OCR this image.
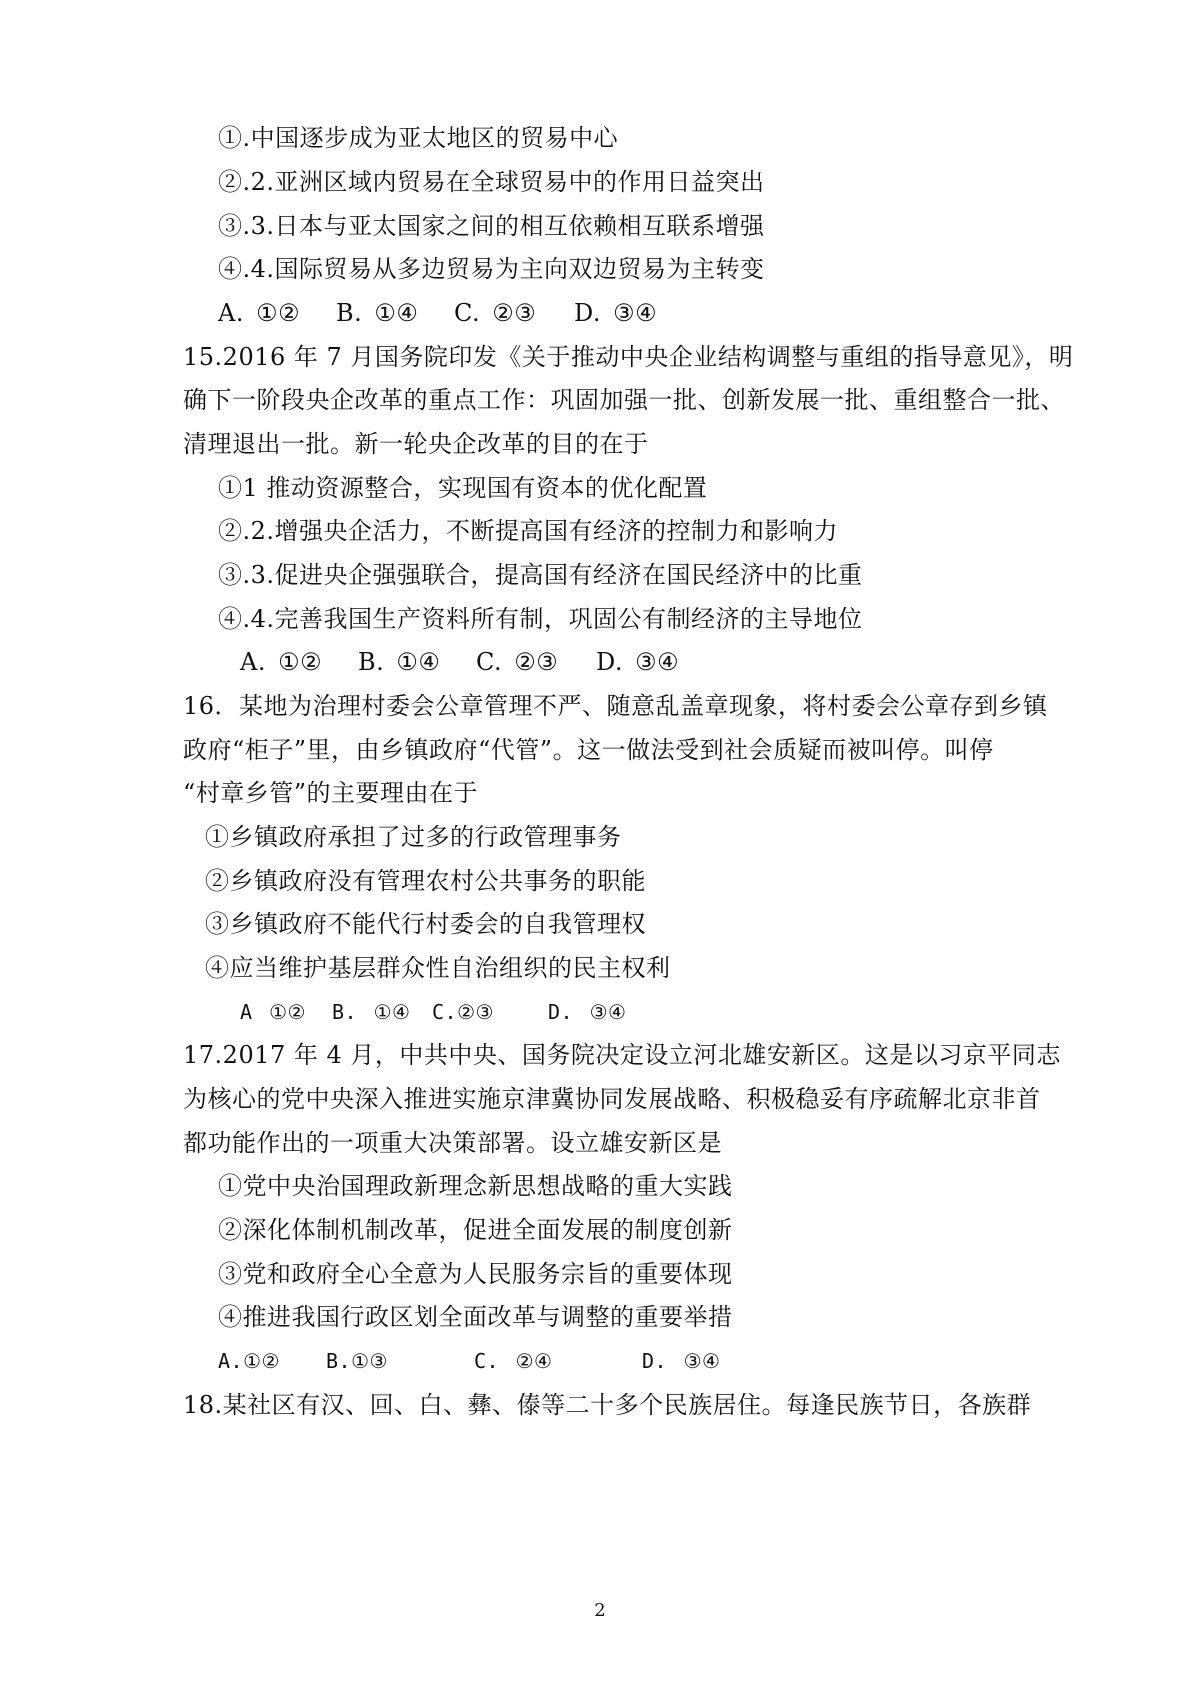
①.中国逐步成为亚太地区的贸易中心
②.2.亚洲区域内贸易在全球贸易中的作用日益突出
③.3.日本与亚太国家之间的相互依赖相互联系增强
④.4.国际贸易从多边贸易为主向双边贸易为主转变
A. ①② B. ①④ C. ②③ D. ③④
15.2016 年 7 月国务院印发《关于推动中央企业结构调整与重组的指导意见》，明
确下一阶段央企改革的重点工作：巩固加强一批、创新发展一批、重组整合一批、
清理退出一批。新一轮央企改革的目的在于
①1 推动资源整合，实现国有资本的优化配置
②.2.增强央企活力，不断提高国有经济的控制力和影响力
③.3.促进央企强强联合，提高国有经济在国民经济中的比重
④.4.完善我国生产资料所有制，巩固公有制经济的主导地位
A. ①② B. ①④ C. ②③ D. ③④
16．某地为治理村委会公章管理不严、随意乱盖章现象，将村委会公章存到乡镇
政府“柜子”里，由乡镇政府“代管”。这一做法受到社会质疑而被叫停。叫停
“村章乡管”的主要理由在于
①乡镇政府承担了过多的行政管理事务
②乡镇政府没有管理农村公共事务的职能
③乡镇政府不能代行村委会的自我管理权
④应当维护基层群众性自治组织的民主权利
A ①② B. ①④ C.②③	D. ③④
17.2017 年 4 月，中共中央、国务院决定设立河北雄安新区。这是以习京平同志
为核心的党中央深入推进实施京津冀协同发展战略、积极稳妥有序疏解北京非首
都功能作出的一项重大决策部署。设立雄安新区是
①党中央治国理政新理念新思想战略的重大实践
②深化体制机制改革，促进全面发展的制度创新
③党和政府全心全意为人民服务宗旨的重要体现
④推进我国行政区划全面改革与调整的重要举措
A.①② B.①③	C. ②④	D. ③④
18.某社区有汉、回、白、彝、傣等二十多个民族居住。每逢民族节日，各族群
2
